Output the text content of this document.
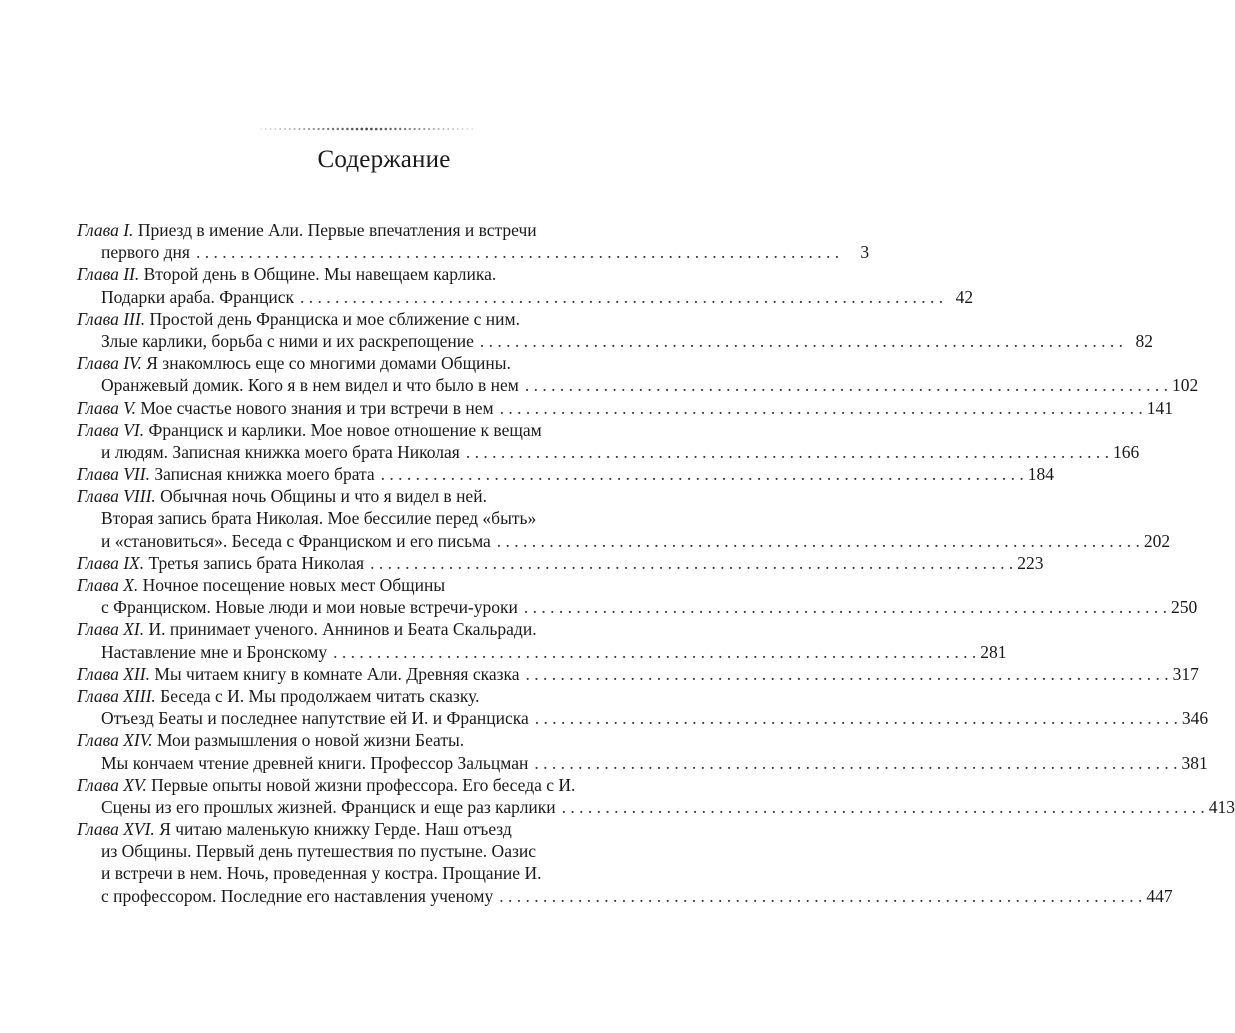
Содержание
Глава I. Приезд в имение Али. Первые впечатления и встречи
первого дня . . .	3
Глава II. Второй день в Общине. Мы навещаем карлика.
Подарки араба. Франциск . . .	42
Глава III. Простой день Франциска и мое сближение с ним.
Злые карлики, борьба с ними и их раскрепощение . . .	82
Глава IV. Я знакомлюсь еще со многими домами Общины.
Оранжевый домик. Кого я в нем видел и что было в нем . . .	102
Глава V. Мое счастье нового знания и три встречи в нем . . .	141
Глава VI. Франциск и карлики. Мое новое отношение к вещам
и людям. Записная книжка моего брата Николая . . .	166
Глава VII. Записная книжка моего брата . . .	184
Глава VIII. Обычная ночь Общины и что я видел в ней.
Вторая запись брата Николая. Мое бессилие перед «быть»
и «становиться». Беседа с Франциском и его письма . . .	202
Глава IX. Третья запись брата Николая . . .	223
Глава X. Ночное посещение новых мест Общины
с Франциском. Новые люди и мои новые встречи-уроки . . .	250
Глава XI. И. принимает ученого. Аннинов и Беата Скальради.
Наставление мне и Бронскому . . .	281
Глава XII. Мы читаем книгу в комнате Али. Древняя сказка . . .	317
Глава XIII. Беседа с И. Мы продолжаем читать сказку.
Отъезд Беаты и последнее напутствие ей И. и Франциска . . .	346
Глава XIV. Мои размышления о новой жизни Беаты.
Мы кончаем чтение древней книги. Профессор Зальцман . . .	381
Глава XV. Первые опыты новой жизни профессора. Его беседа с И.
Сцены из его прошлых жизней. Франциск и еще раз карлики . . .	413
Глава XVI. Я читаю маленькую книжку Герде. Наш отъезд
из Общины. Первый день путешествия по пустыне. Оазис
и встречи в нем. Ночь, проведенная у костра. Прощание И.
с профессором. Последние его наставления ученому . . .	447
